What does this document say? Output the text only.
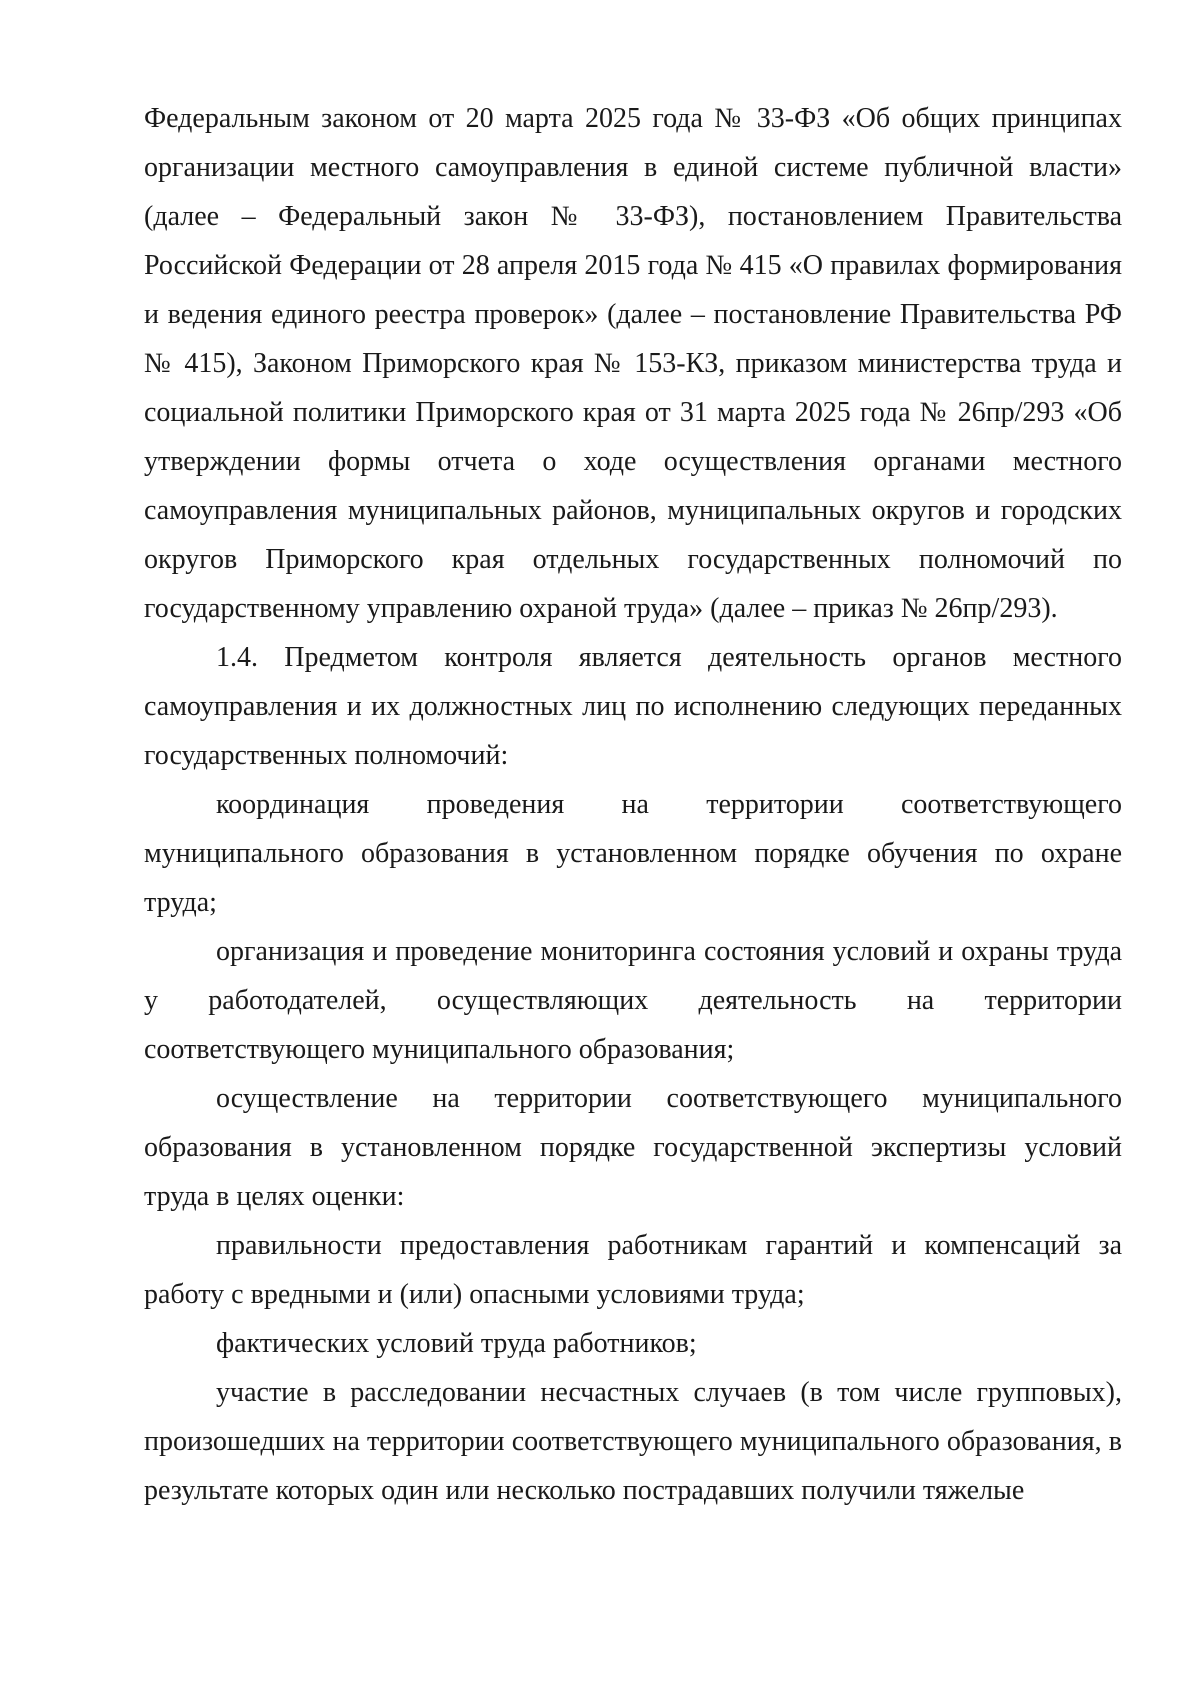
Федеральным законом от 20 марта 2025 года № 33-ФЗ «Об общих принципах организации местного самоуправления в единой системе публичной власти» (далее – Федеральный закон № 33-ФЗ), постановлением Правительства Российской Федерации от 28 апреля 2015 года № 415 «О правилах формирования и ведения единого реестра проверок» (далее – постановление Правительства РФ № 415), Законом Приморского края № 153-КЗ, приказом министерства труда и социальной политики Приморского края от 31 марта 2025 года № 26пр/293 «Об утверждении формы отчета о ходе осуществления органами местного самоуправления муниципальных районов, муниципальных округов и городских округов Приморского края отдельных государственных полномочий по государственному управлению охраной труда» (далее – приказ № 26пр/293).

1.4. Предметом контроля является деятельность органов местного самоуправления и их должностных лиц по исполнению следующих переданных государственных полномочий:

координация проведения на территории соответствующего муниципального образования в установленном порядке обучения по охране труда;

организация и проведение мониторинга состояния условий и охраны труда у работодателей, осуществляющих деятельность на территории соответствующего муниципального образования;

осуществление на территории соответствующего муниципального образования в установленном порядке государственной экспертизы условий труда в целях оценки:

правильности предоставления работникам гарантий и компенсаций за работу с вредными и (или) опасными условиями труда;

фактических условий труда работников;

участие в расследовании несчастных случаев (в том числе групповых), произошедших на территории соответствующего муниципального образования, в результате которых один или несколько пострадавших получили тяжелые
